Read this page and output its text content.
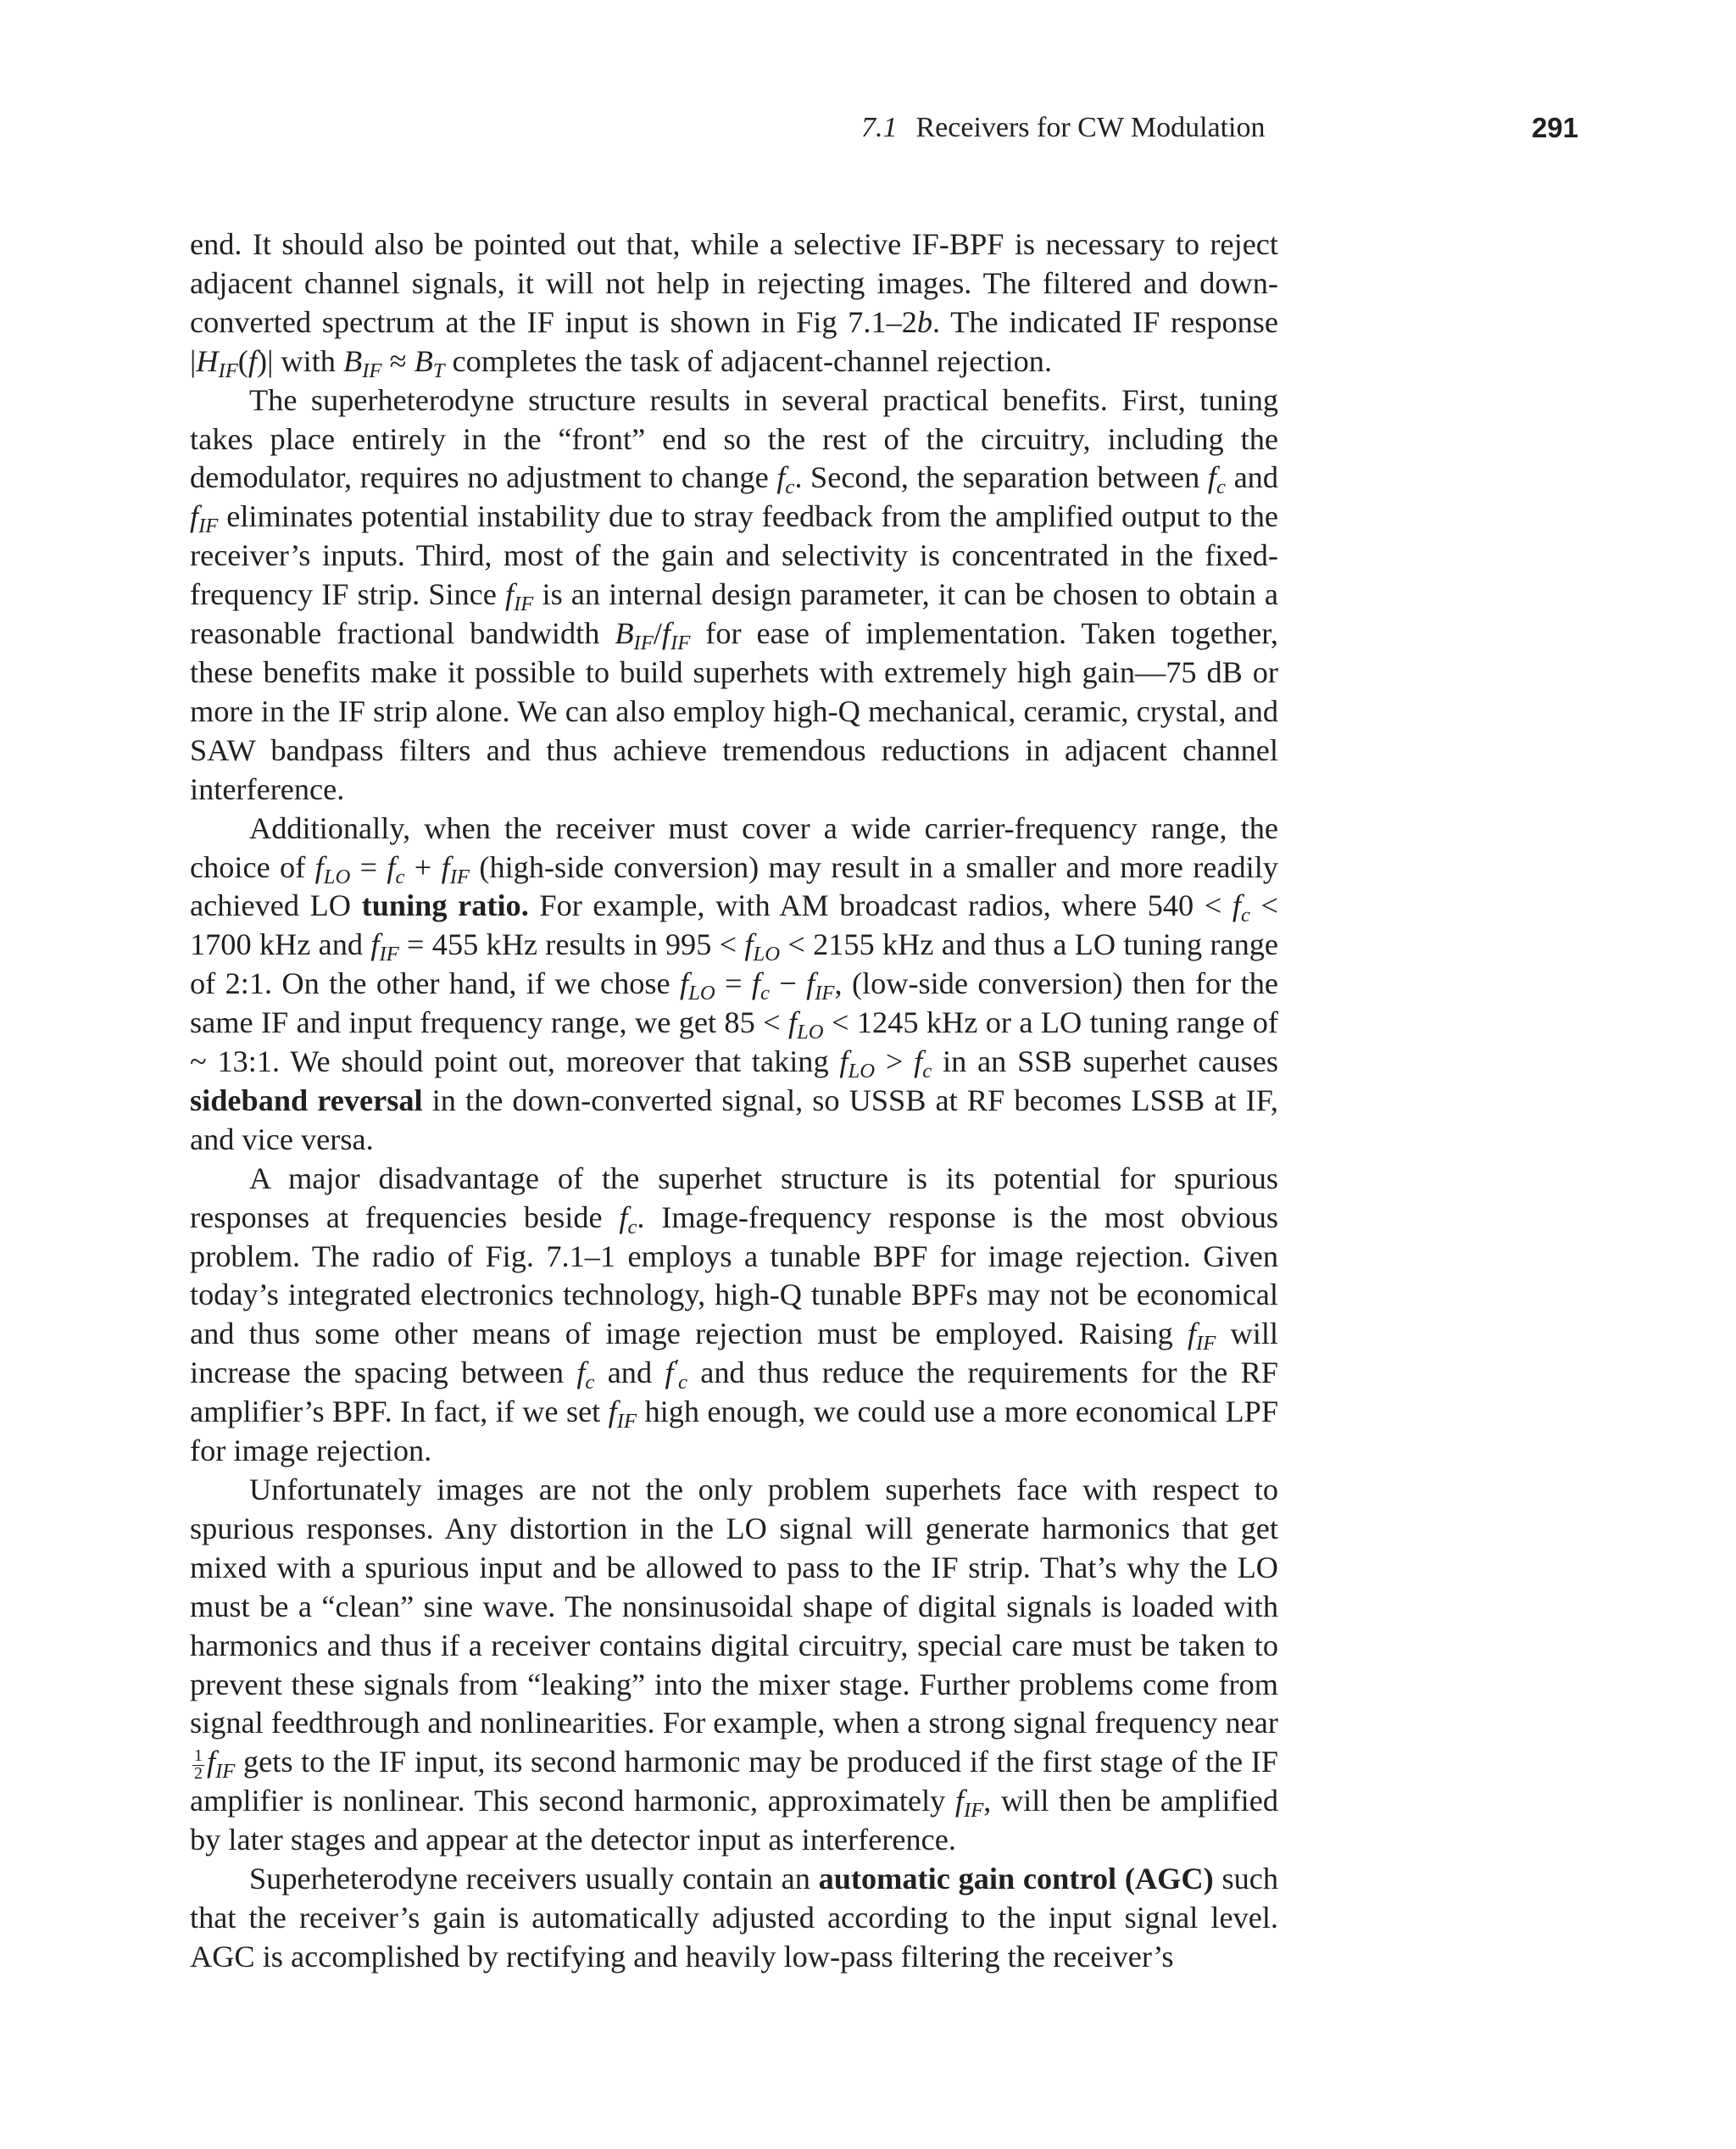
7.1 Receivers for CW Modulation	291

end. It should also be pointed out that, while a selective IF-BPF is necessary to reject adjacent channel signals, it will not help in rejecting images. The filtered and down-converted spectrum at the IF input is shown in Fig 7.1–2b. The indicated IF response $|H_{IF}(f)|$ with $B_{IF} \approx B_T$ completes the task of adjacent-channel rejection.

The superheterodyne structure results in several practical benefits. First, tuning takes place entirely in the “front” end so the rest of the circuitry, including the demodulator, requires no adjustment to change $f_c$. Second, the separation between $f_c$ and $f_{IF}$ eliminates potential instability due to stray feedback from the amplified output to the receiver’s inputs. Third, most of the gain and selectivity is concentrated in the fixed-frequency IF strip. Since $f_{IF}$ is an internal design parameter, it can be chosen to obtain a reasonable fractional bandwidth $B_{IF}/f_{IF}$ for ease of implementation. Taken together, these benefits make it possible to build superhets with extremely high gain—75 dB or more in the IF strip alone. We can also employ high-Q mechanical, ceramic, crystal, and SAW bandpass filters and thus achieve tremendous reductions in adjacent channel interference.

Additionally, when the receiver must cover a wide carrier-frequency range, the choice of $f_{LO} = f_c + f_{IF}$ (high-side conversion) may result in a smaller and more readily achieved LO tuning ratio. For example, with AM broadcast radios, where $540 < f_c < 1700$ kHz and $f_{IF} = 455$ kHz results in $995 < f_{LO} < 2155$ kHz and thus a LO tuning range of 2:1. On the other hand, if we chose $f_{LO} = f_c - f_{IF}$, (low-side conversion) then for the same IF and input frequency range, we get $85 < f_{LO} < 1245$ kHz or a LO tuning range of ~ 13:1. We should point out, moreover that taking $f_{LO} > f_c$ in an SSB superhet causes sideband reversal in the down-converted signal, so USSB at RF becomes LSSB at IF, and vice versa.

A major disadvantage of the superhet structure is its potential for spurious responses at frequencies beside $f_c$. Image-frequency response is the most obvious problem. The radio of Fig. 7.1–1 employs a tunable BPF for image rejection. Given today’s integrated electronics technology, high-Q tunable BPFs may not be economical and thus some other means of image rejection must be employed. Raising $f_{IF}$ will increase the spacing between $f_c$ and $f'_c$ and thus reduce the requirements for the RF amplifier’s BPF. In fact, if we set $f_{IF}$ high enough, we could use a more economical LPF for image rejection.

Unfortunately images are not the only problem superhets face with respect to spurious responses. Any distortion in the LO signal will generate harmonics that get mixed with a spurious input and be allowed to pass to the IF strip. That’s why the LO must be a “clean” sine wave. The nonsinusoidal shape of digital signals is loaded with harmonics and thus if a receiver contains digital circuitry, special care must be taken to prevent these signals from “leaking” into the mixer stage. Further problems come from signal feedthrough and nonlinearities. For example, when a strong signal frequency near
$\frac{1}{2} f_{IF}$ gets to the IF input, its second harmonic may be produced if the first stage of the IF amplifier is nonlinear. This second harmonic, approximately $f_{IF}$, will then be amplified by later stages and appear at the detector input as interference.

Superheterodyne receivers usually contain an automatic gain control (AGC) such that the receiver’s gain is automatically adjusted according to the input signal level. AGC is accomplished by rectifying and heavily low-pass filtering the receiver’s
